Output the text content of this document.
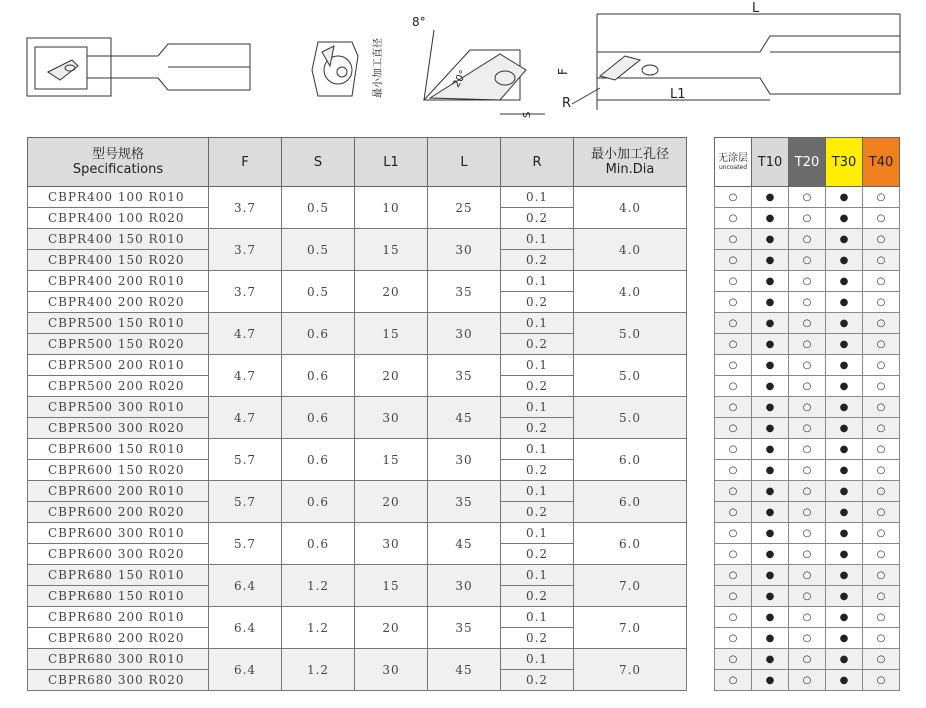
最小加工直径
8°
20°
S
L
L1
F
R
型号规格
Specifications	F	S	L1	L	R	最小加工孔径
Min.Dia
CBPR400 100 R010	3.7	0.5	10	25	0.1	4.0
CBPR400 100 R020					0.2	
CBPR400 150 R010	3.7	0.5	15	30	0.1	4.0
CBPR400 150 R020					0.2	
CBPR400 200 R010	3.7	0.5	20	35	0.1	4.0
CBPR400 200 R020					0.2	
CBPR500 150 R010	4.7	0.6	15	30	0.1	5.0
CBPR500 150 R020					0.2	
CBPR500 200 R010	4.7	0.6	20	35	0.1	5.0
CBPR500 200 R020					0.2	
CBPR500 300 R010	4.7	0.6	30	45	0.1	5.0
CBPR500 300 R020					0.2	
CBPR600 150 R010	5.7	0.6	15	30	0.1	6.0
CBPR600 150 R020					0.2	
CBPR600 200 R010	5.7	0.6	20	35	0.1	6.0
CBPR600 200 R020					0.2	
CBPR600 300 R010	5.7	0.6	30	45	0.1	6.0
CBPR600 300 R020					0.2	
CBPR680 150 R010	6.4	1.2	15	30	0.1	7.0
CBPR680 150 R010					0.2	
CBPR680 200 R010	6.4	1.2	20	35	0.1	7.0
CBPR680 200 R020					0.2	
CBPR680 300 R010	6.4	1.2	30	45	0.1	7.0
CBPR680 300 R020					0.2	
无涂层
uncoated	T10	T20	T30	T40
○	●	○	●	○
○	●	○	●	○
○	●	○	●	○
○	●	○	●	○
○	●	○	●	○
○	●	○	●	○
○	●	○	●	○
○	●	○	●	○
○	●	○	●	○
○	●	○	●	○
○	●	○	●	○
○	●	○	●	○
○	●	○	●	○
○	●	○	●	○
○	●	○	●	○
○	●	○	●	○
○	●	○	●	○
○	●	○	●	○
○	●	○	●	○
○	●	○	●	○
○	●	○	●	○
○	●	○	●	○
○	●	○	●	○
○	●	○	●	○
